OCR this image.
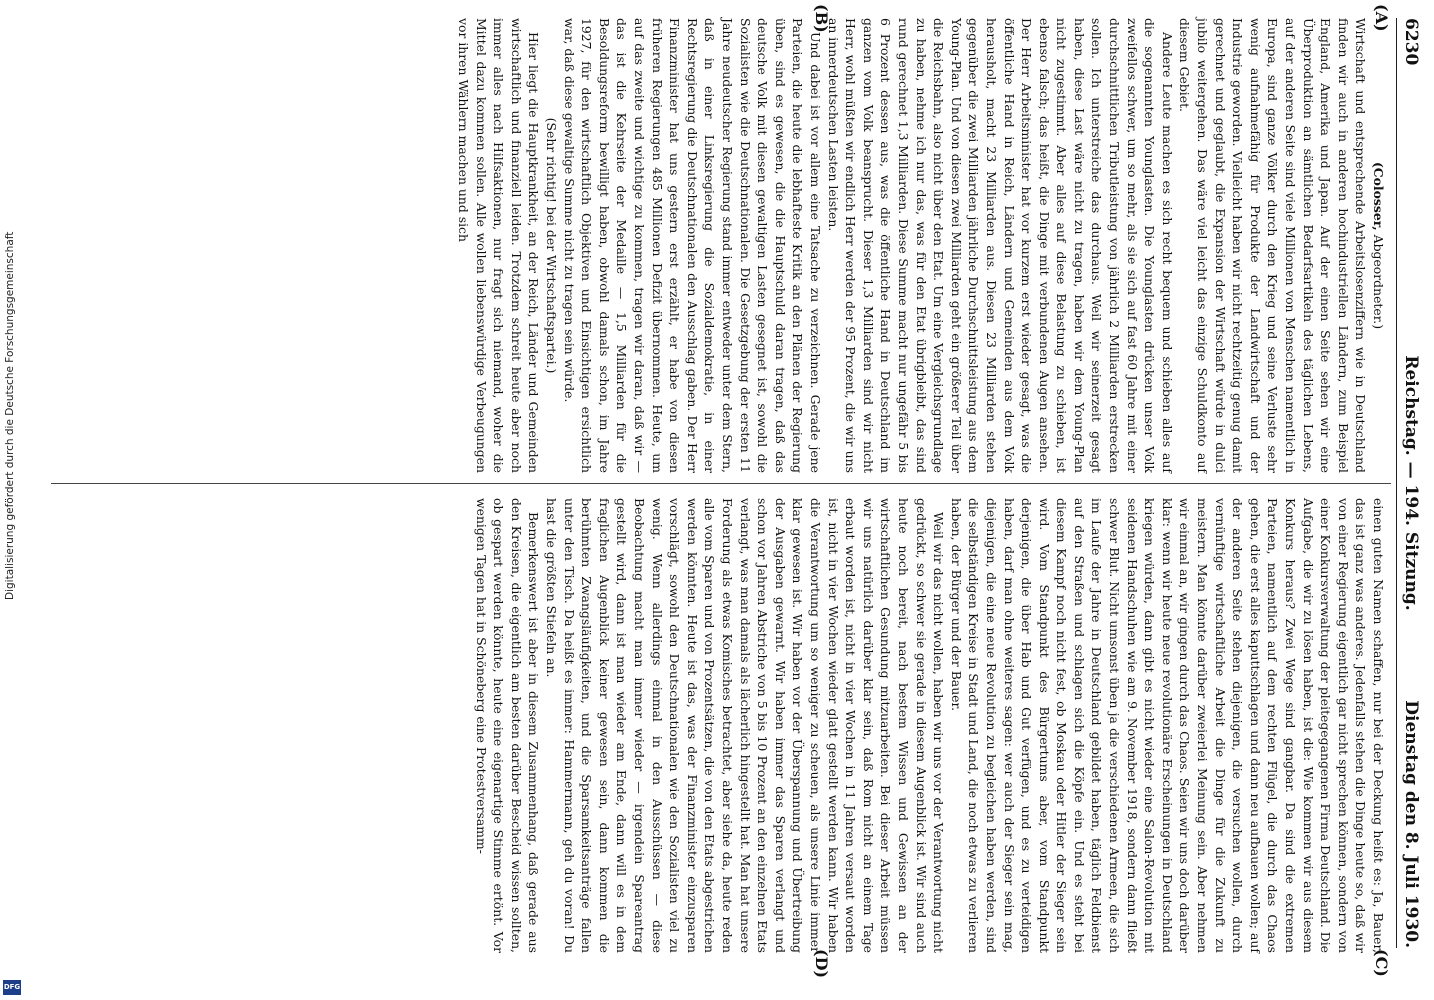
6230
Reichstag. — 194. Sitzung.
Dienstag den 8. Juli 1930.
(A)
(B)
(C)
(D)

(Colosser, Abgeordneter.)

Wirtschaft und entsprechende Arbeitslosenziffern wie in Deutschland finden wir auch in anderen hochindustriellen Ländern, zum Beispiel England, Amerika und Japan. Auf der einen Seite sehen wir eine Überproduktion an sämtlichen Bedarfsartikeln des täglichen Lebens, auf der anderen Seite sind viele Millionen von Menschen namentlich in Europa, sind ganze Völker durch den Krieg und seine Verluste sehr wenig aufnahmefähig für Produkte der Landwirtschaft und der Industrie geworden. Vielleicht haben wir nicht rechtzeitig genug damit gerechnet und geglaubt, die Expansion der Wirtschaft würde in dulci jubilo weitergehen. Das wäre viel leicht das einzige Schuldkonto auf diesem Gebiet.

Andere Leute machen es sich recht bequem und schieben alles auf die sogenannten Younglasten. Die Younglasten drücken unser Volk zweifellos schwer, um so mehr, als sie sich auf fast 60 Jahre mit einer durchschnittlichen Tributleistung von jährlich 2 Milliarden erstrecken sollen. Ich unterstreiche das durchaus. Weil wir seinerzeit gesagt haben, diese Last wäre nicht zu tragen, haben wir dem Young-Plan nicht zugestimmt. Aber alles auf diese Belastung zu schieben, ist ebenso falsch; das heißt, die Dinge mit verbundenen Augen ansehen. Der Herr Arbeitsminister hat vor kurzem erst wieder gesagt, was die öffentliche Hand in Reich, Ländern und Gemeinden aus dem Volk herausholt, macht 23 Milliarden aus. Diesen 23 Milliarden stehen gegenüber die zwei Milliarden jährliche Durchschnittsleistung aus dem Young-Plan. Und von diesen zwei Milliarden geht ein größerer Teil über die Reichsbahn, also nicht über den Etat. Um eine Vergleichsgrundlage zu haben, nehme ich nur das, was für den Etat übrigbleibt, das sind rund gerechnet 1,3 Milliarden. Diese Summe macht nur ungefähr 5 bis 6 Prozent dessen aus, was die öffentliche Hand in Deutschland im ganzen vom Volk beansprucht. Dieser 1,3 Milliarden sind wir nicht Herr, wohl müßten wir endlich Herr werden der 95 Prozent, die wir uns an innerdeutschen Lasten leisten.

Und dabei ist vor allem eine Tatsache zu verzeichnen. Gerade jene Parteien, die heute die lebhafteste Kritik an den Plänen der Regierung üben, sind es gewesen, die die Hauptschuld daran tragen, daß das deutsche Volk mit diesen gewaltigen Lasten gesegnet ist, sowohl die Sozialisten wie die Deutschnationalen. Die Gesetzgebung der ersten 11 Jahre neudeutscher Regierung stand immer entweder unter dem Stern, daß in einer Linksregierung die Sozialdemokratie, in einer Rechtsregierung die Deutschnationalen den Ausschlag gaben. Der Herr Finanzminister hat uns gestern erst erzählt, er habe von diesen früheren Regierungen 485 Millionen Defizit übernommen. Heute, um auf das zweite und wichtige zu kommen, tragen wir daran, daß wir — das ist die Kehrseite der Medaille — 1,5 Milliarden für die Besoldungsreform bewilligt haben, obwohl damals schon, im Jahre 1927, für den wirtschaftlich Objektiven und Einsichtigen ersichtlich war, daß diese gewaltige Summe nicht zu tragen sein würde.

(Sehr richtig! bei der Wirtschaftspartei.)

Hier liegt die Hauptkrankheit, an der Reich, Länder und Gemeinden wirtschaftlich und finanziell leiden. Trotzdem schreit heute aber noch immer alles nach Hilfsaktionen, nur fragt sich niemand, woher die Mittel dazu kommen sollen. Alle wollen liebenswürdige Verbeugungen vor ihren Wählern machen und sich

einen guten Namen schaffen, nur bei der Deckung heißt es: Ja, Bauer, das ist ganz was anderes. Jedenfalls stehen die Dinge heute so, daß wir von einer Regierung eigentlich gar nicht sprechen können, sondern von einer Konkursverwaltung der pleitegegangenen Firma Deutschland. Die Aufgabe, die wir zu lösen haben, ist die: Wie kommen wir aus diesem Konkurs heraus? Zwei Wege sind gangbar. Da sind die extremen Parteien, namentlich auf dem rechten Flügel, die durch das Chaos gehen, die erst alles kaputtschlagen und dann neu aufbauen wollen; auf der anderen Seite stehen diejenigen, die versuchen wollen, durch vernünftige wirtschaftliche Arbeit die Dinge für die Zukunft zu meistern. Man könnte darüber zweierlei Meinung sein. Aber nehmen wir einmal an, wir gingen durch das Chaos. Seien wir uns doch darüber klar: wenn wir heute neue revolutionäre Erscheinungen in Deutschland kriegen würden, dann gibt es nicht wieder eine Salon-Revolution mit seidenen Handschuhen wie am 9. November 1918, sondern dann fließt schwer Blut. Nicht umsonst üben ja die verschiedenen Armeen, die sich im Laufe der Jahre in Deutschland gebildet haben, täglich Feldbienst auf den Straßen und schlagen sich die Köpfe ein. Und es steht bei diesem Kampf noch nicht fest, ob Moskau oder Hitler der Sieger sein wird. Vom Standpunkt des Bürgertums aber, vom Standpunkt derjenigen, die über Hab und Gut verfügen, und es zu verteidigen haben, darf man ohne weiteres sagen: wer auch der Sieger sein mag, diejenigen, die eine neue Revolution zu begleichen haben werden, sind die selbständigen Kreise in Stadt und Land, die noch etwas zu verlieren haben, der Bürger und der Bauer.

Weil wir das nicht wollen, haben wir uns vor der Verantwortung nicht gedrückt, so schwer sie gerade in diesem Augenblick ist. Wir sind auch heute noch bereit, nach bestem Wissen und Gewissen an der wirtschaftlichen Gesundung mitzuarbeiten. Bei dieser Arbeit müssen wir uns natürlich darüber klar sein, daß Rom nicht an einem Tage erbaut worden ist, nicht in vier Wochen in 11 Jahren versaut worden ist, nicht in vier Wochen wieder glatt gestellt werden kann. Wir haben die Verantwortung um so weniger zu scheuen, als unsere Linie immer klar gewesen ist. Wir haben vor der Überspannung und Übertreibung der Ausgaben gewarnt. Wir haben immer das Sparen verlangt und schon vor Jahren Abstriche von 5 bis 10 Prozent an den einzelnen Etats verlangt, was man damals als lächerlich hingestellt hat. Man hat unsere Forderung als etwas Komisches betrachtet, aber siehe da, heute reden alle vom Sparen und von Prozentsätzen, die von den Etats abgestrichen werden könnten. Heute ist das, was der Finanzminister einzusparen vorschlägt, sowohl den Deutschnationalen wie den Sozialisten viel zu wenig. Wenn allerdings einmal in den Ausschüssen — diese Beobachtung macht man immer wieder — irgendein Spareantrag gestellt wird, dann ist man wieder am Ende, dann will es in dem fraglichen Augenblick keiner gewesen sein, dann kommen die berühmten Zwangsläufigkeiten, und die Sparsamkeitsanträge fallen unter den Tisch. Da heißt es immer: Hammermann, geh du voran! Du hast die größten Stiefeln an.

Bemerkenswert ist aber in diesem Zusammenhang, daß gerade aus den Kreisen, die eigentlich am besten darüber Bescheid wissen sollten, ob gespart werden könnte, heute eine eigenartige Stimme ertönt. Vor wenigen Tagen hat in Schöneberg eine Protestversamm-

Digitalisierung gefördert durch die Deutsche Forschungsgemeinschaft
DFG
